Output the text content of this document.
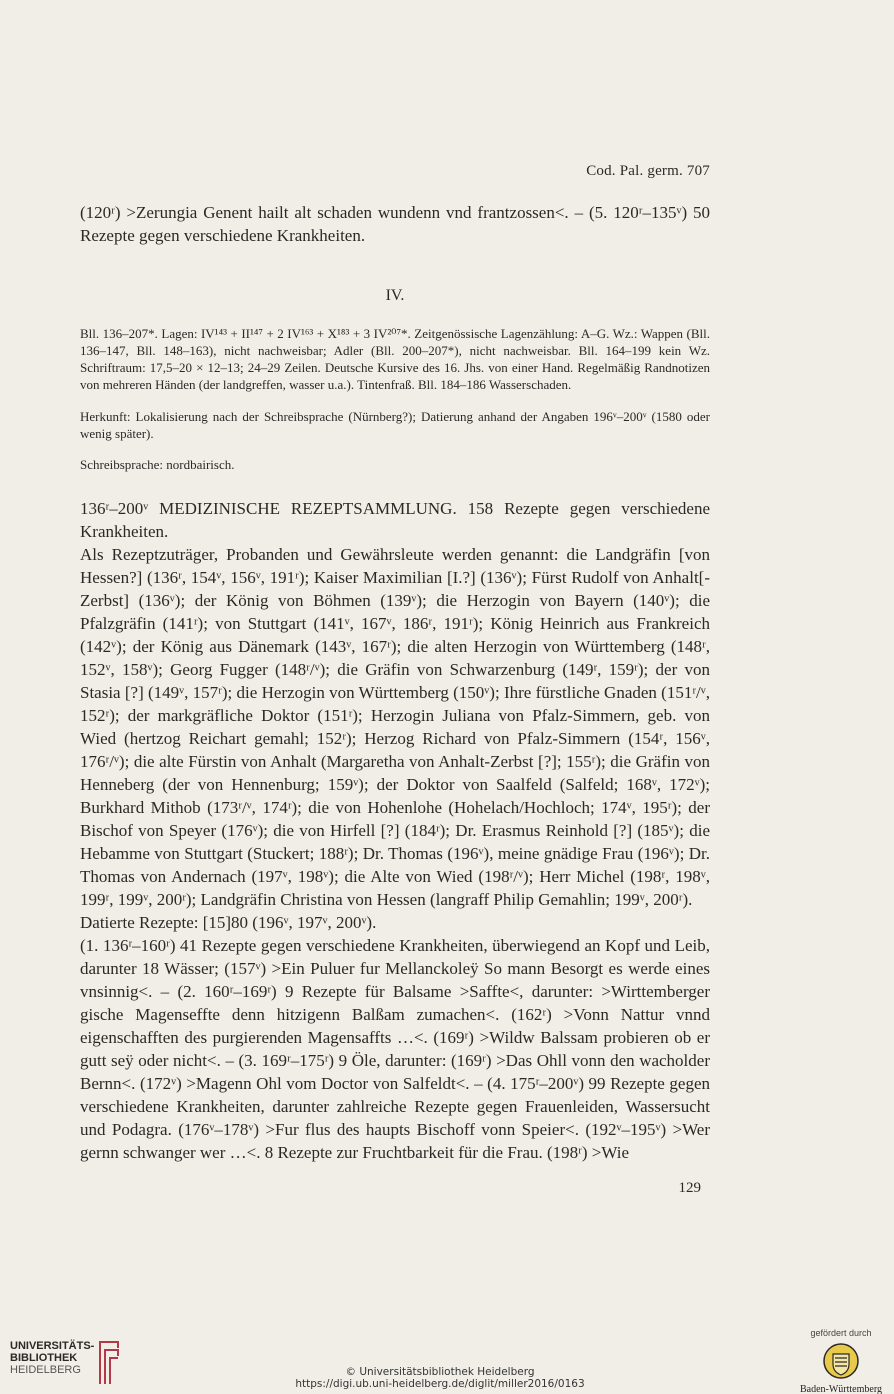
Cod. Pal. germ. 707

(120ʳ) >Zerungia Genent hailt alt schaden wundenn vnd frantzossen<. – (5. 120ʳ–135ᵛ) 50 Rezepte gegen verschiedene Krankheiten.

IV.

Bll. 136–207*. Lagen: IV¹⁴³ + II¹⁴⁷ + 2 IV¹⁶³ + X¹⁸³ + 3 IV²⁰⁷*. Zeitgenössische Lagenzählung: A–G. Wz.: Wappen (Bll. 136–147, Bll. 148–163), nicht nachweisbar; Adler (Bll. 200–207*), nicht nachweisbar. Bll. 164–199 kein Wz. Schriftraum: 17,5–20 × 12–13; 24–29 Zeilen. Deutsche Kursive des 16. Jhs. von einer Hand. Regelmäßig Randnotizen von mehreren Händen (der landgreffen, wasser u.a.). Tintenfraß. Bll. 184–186 Wasserschaden.

Herkunft: Lokalisierung nach der Schreibsprache (Nürnberg?); Datierung anhand der Angaben 196ᵛ–200ᵛ (1580 oder wenig später).

Schreibsprache: nordbairisch.

136ʳ–200ᵛ MEDIZINISCHE REZEPTSAMMLUNG. 158 Rezepte gegen verschiedene Krankheiten.

Als Rezeptzuträger, Probanden und Gewährsleute werden genannt: die Landgräfin [von Hessen?] (136ʳ, 154ᵛ, 156ᵛ, 191ʳ); Kaiser Maximilian [I.?] (136ᵛ); Fürst Rudolf von Anhalt[-Zerbst] (136ᵛ); der König von Böhmen (139ᵛ); die Herzogin von Bayern (140ᵛ); die Pfalzgräfin (141ʳ); von Stuttgart (141ᵛ, 167ᵛ, 186ʳ, 191ʳ); König Heinrich aus Frankreich (142ᵛ); der König aus Dänemark (143ᵛ, 167ʳ); die alten Herzogin von Württemberg (148ʳ, 152ᵛ, 158ᵛ); Georg Fugger (148ʳ/ᵛ); die Gräfin von Schwarzenburg (149ʳ, 159ʳ); der von Stasia [?] (149ᵛ, 157ʳ); die Herzogin von Württemberg (150ᵛ); Ihre fürstliche Gnaden (151ʳ/ᵛ, 152ʳ); der markgräfliche Doktor (151ʳ); Herzogin Juliana von Pfalz-Simmern, geb. von Wied (hertzog Reichart gemahl; 152ʳ); Herzog Richard von Pfalz-Simmern (154ʳ, 156ᵛ, 176ʳ/ᵛ); die alte Fürstin von Anhalt (Margaretha von Anhalt-Zerbst [?]; 155ʳ); die Gräfin von Henneberg (der von Hennenburg; 159ᵛ); der Doktor von Saalfeld (Salfeld; 168ᵛ, 172ᵛ); Burkhard Mithob (173ʳ/ᵛ, 174ʳ); die von Hohenlohe (Hohelach/Hochloch; 174ᵛ, 195ʳ); der Bischof von Speyer (176ᵛ); die von Hirfell [?] (184ʳ); Dr. Erasmus Reinhold [?] (185ᵛ); die Hebamme von Stuttgart (Stuckert; 188ʳ); Dr. Thomas (196ᵛ), meine gnädige Frau (196ᵛ); Dr. Thomas von Andernach (197ᵛ, 198ᵛ); die Alte von Wied (198ʳ/ᵛ); Herr Michel (198ʳ, 198ᵛ, 199ʳ, 199ᵛ, 200ʳ); Landgräfin Christina von Hessen (langraff Philip Gemahlin; 199ᵛ, 200ʳ).

Datierte Rezepte: [15]80 (196ᵛ, 197ᵛ, 200ᵛ).

(1. 136ʳ–160ʳ) 41 Rezepte gegen verschiedene Krankheiten, überwiegend an Kopf und Leib, darunter 18 Wässer; (157ᵛ) >Ein Puluer fur Mellanckoleÿ So mann Besorgt es werde eines vnsinnig<. – (2. 160ʳ–169ʳ) 9 Rezepte für Balsame >Saffte<, darunter: >Wirttemberger gische Magenseffte denn hitzigenn Balßam zumachen<. (162ʳ) >Vonn Nattur vnnd eigenschafften des purgierenden Magensaffts …<. (169ʳ) >Wildw Balssam probieren ob er gutt seÿ oder nicht<. – (3. 169ʳ–175ʳ) 9 Öle, darunter: (169ʳ) >Das Ohll vonn den wacholder Bernn<. (172ᵛ) >Magenn Ohl vom Doctor von Salfeldt<. – (4. 175ʳ–200ᵛ) 99 Rezepte gegen verschiedene Krankheiten, darunter zahlreiche Rezepte gegen Frauenleiden, Wassersucht und Podagra. (176ᵛ–178ᵛ) >Fur flus des haupts Bischoff vonn Speier<. (192ᵛ–195ᵛ) >Wer gernn schwanger wer …<. 8 Rezepte zur Fruchtbarkeit für die Frau. (198ʳ) >Wie

129
UNIVERSITÄTS-
BIBLIOTHEK
HEIDELBERG	© Universitätsbibliothek Heidelberg
https://digi.ub.uni-heidelberg.de/diglit/miller2016/0163
gefördert durch
Baden-Württemberg
